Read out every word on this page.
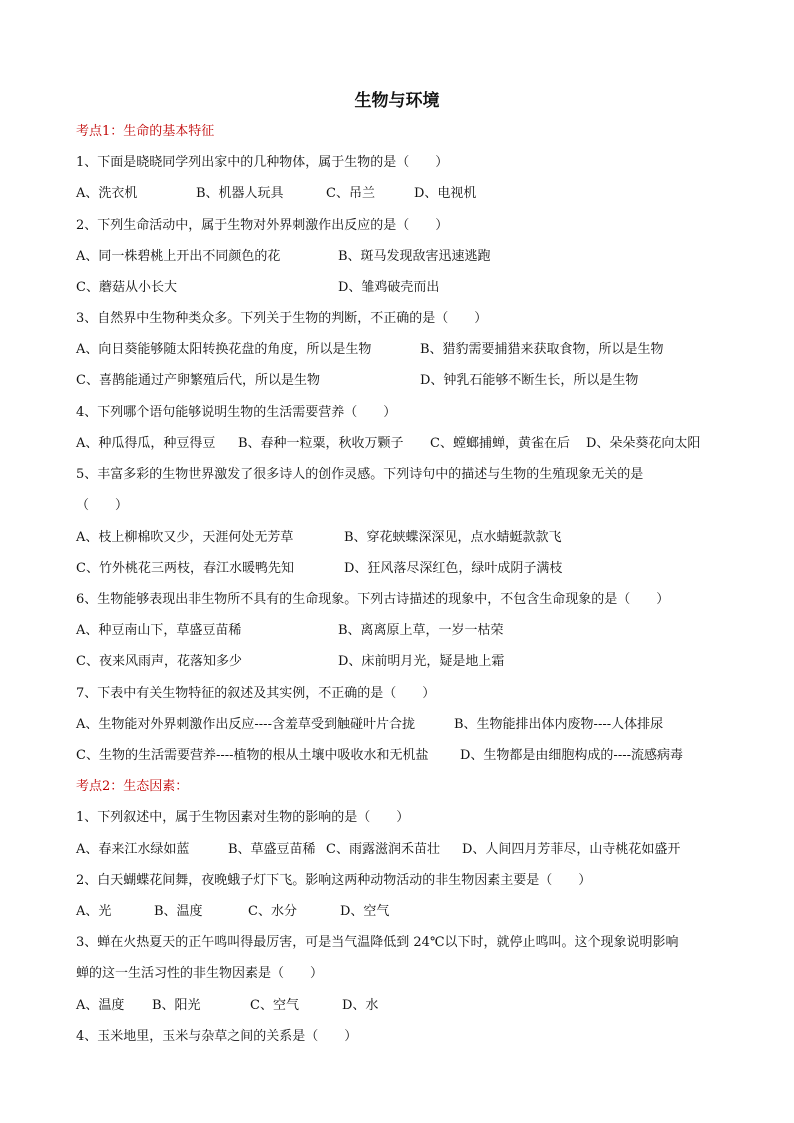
生物与环境
考点1：生命的基本特征
1、下面是晓晓同学列出家中的几种物体，属于生物的是（　　）
A、洗衣机	B、机器人玩具	C、吊兰	D、电视机
2、下列生命活动中，属于生物对外界刺激作出反应的是（　　）
A、同一株碧桃上开出不同颜色的花	B、斑马发现敌害迅速逃跑
C、蘑菇从小长大	D、雏鸡破壳而出
3、自然界中生物种类众多。下列关于生物的判断，不正确的是（　　）
A、向日葵能够随太阳转换花盘的角度，所以是生物	B、猎豹需要捕猎来获取食物，所以是生物
C、喜鹊能通过产卵繁殖后代，所以是生物	D、钟乳石能够不断生长，所以是生物
4、下列哪个语句能够说明生物的生活需要营养（　　）
A、种瓜得瓜，种豆得豆 B、春种一粒粟，秋收万颗子 C、螳螂捕蝉，黄雀在后 D、朵朵葵花向太阳
5、丰富多彩的生物世界激发了很多诗人的创作灵感。下列诗句中的描述与生物的生殖现象无关的是
（　　）
A、枝上柳棉吹又少，天涯何处无芳草	B、穿花蛱蝶深深见，点水蜻蜓款款飞
C、竹外桃花三两枝，春江水暖鸭先知	D、狂风落尽深红色，绿叶成阴子满枝
6、生物能够表现出非生物所不具有的生命现象。下列古诗描述的现象中，不包含生命现象的是（　　）
A、种豆南山下，草盛豆苗稀	B、离离原上草，一岁一枯荣
C、夜来风雨声，花落知多少	D、床前明月光，疑是地上霜
7、下表中有关生物特征的叙述及其实例，不正确的是（　　）
A、生物能对外界刺激作出反应----含羞草受到触碰叶片合拢	B、生物能排出体内废物----人体排尿
C、生物的生活需要营养----植物的根从土壤中吸收水和无机盐 D、生物都是由细胞构成的----流感病毒
考点2：生态因素：
1、下列叙述中，属于生物因素对生物的影响的是（　　）
A、春来江水绿如蓝	B、草盛豆苗稀 C、雨露滋润禾苗壮 D、人间四月芳菲尽，山寺桃花如盛开
2、白天蝴蝶花间舞，夜晚蛾子灯下飞。影响这两种动物活动的非生物因素主要是（　　）
A、光	B、温度	C、水分	D、空气
3、蝉在火热夏天的正午鸣叫得最厉害，可是当气温降低到 24℃以下时，就停止鸣叫。这个现象说明影响
蝉的这一生活习性的非生物因素是（　　）
A、温度 B、阳光	C、空气	D、水
4、玉米地里，玉米与杂草之间的关系是（　　）
